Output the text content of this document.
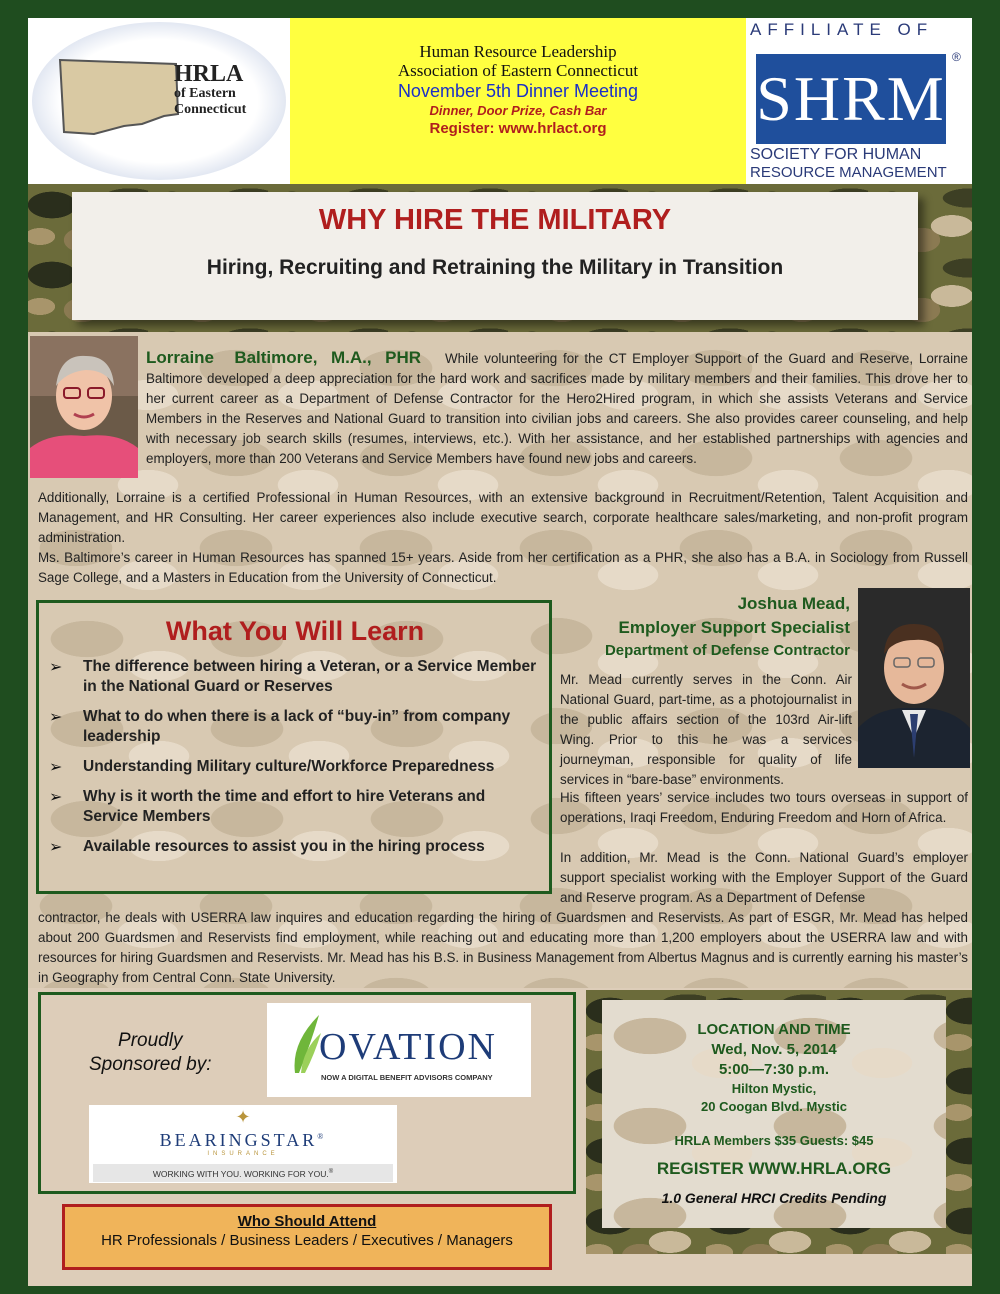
HRLA
of Eastern
Connecticut
Human Resource Leadership
Association of Eastern Connecticut
November 5th Dinner Meeting
Dinner, Door Prize, Cash Bar
Register: www.hrlact.org
AFFILIATE OF
SHRM
®
SOCIETY FOR HUMAN
RESOURCE MANAGEMENT
WHY HIRE THE MILITARY
Hiring, Recruiting and Retraining the Military in Transition
Lorraine   Baltimore,  M.A.,  PHR While volunteering for the CT Employer Support of the Guard and Reserve, Lorraine Baltimore developed a deep appreciation for the hard work and sacrifices made by military members and their families. This drove her to her current career as a Department of Defense Contractor for the Hero2Hired program, in which she assists Veterans and Service Members in the Reserves and National Guard to transition into civilian jobs and careers. She also provides career counseling, and help with necessary job search skills (resumes, interviews, etc.). With her assistance, and her established partnerships with agencies and employers, more than 200 Veterans and Service Members have found new jobs and careers.
Additionally, Lorraine is a certified Professional in Human Resources, with an extensive background in Recruitment/Retention, Talent Acquisition and Management, and HR Consulting. Her career experiences also include executive search, corporate healthcare sales/marketing, and non-profit program administration.
Ms. Baltimore’s career in Human Resources has spanned 15+ years. Aside from her certification as a PHR, she also has a B.A. in Sociology from Russell Sage College, and a Masters in Education from the University of Connecticut.
What You Will Learn
➢	The difference between hiring a Veteran, or a Service Member in the National Guard or Reserves
➢	What to do when there is a lack of “buy-in” from company leadership
➢	Understanding Military culture/Workforce Preparedness
➢	Why is it worth the time and effort to hire Veterans and Service Members
➢	Available resources to assist you in the hiring process
Joshua Mead,
Employer Support Specialist
Department of Defense Contractor
Mr. Mead currently serves in the Conn. Air National Guard, part-time, as a photojournalist in the public affairs section of the 103rd Air-lift Wing. Prior to this he was a services journeyman, responsible for quality of life services in “bare-base” environments.
His fifteen years’ service includes two tours overseas in support of operations, Iraqi Freedom, Enduring Freedom and Horn of Africa.
In addition, Mr. Mead is the Conn. National Guard’s employer support specialist working with the Employer Support of the Guard and Reserve program. As a Department of Defense
contractor, he deals with USERRA law inquires and education regarding the hiring of Guardsmen and Reservists. As part of ESGR, Mr. Mead has helped about 200 Guardsmen and Reservists find employment, while reaching out and educating more than 1,200 employers about the USERRA law and with resources for hiring Guardsmen and Reservists. Mr. Mead has his B.S. in Business Management from Albertus Magnus and is currently earning his master’s in Geography from Central Conn. State University.
Proudly
Sponsored by:	OVATION
NOW A DIGITAL BENEFIT ADVISORS COMPANY
✦
BEARINGSTAR®
INSURANCE
WORKING WITH YOU. WORKING FOR YOU.®
Who Should Attend
HR Professionals / Business Leaders / Executives / Managers
LOCATION AND TIME
Wed, Nov. 5, 2014
5:00—7:30 p.m.
Hilton Mystic,
20 Coogan Blvd. Mystic
HRLA Members $35 Guests: $45
REGISTER WWW.HRLA.ORG
1.0 General HRCI Credits Pending
